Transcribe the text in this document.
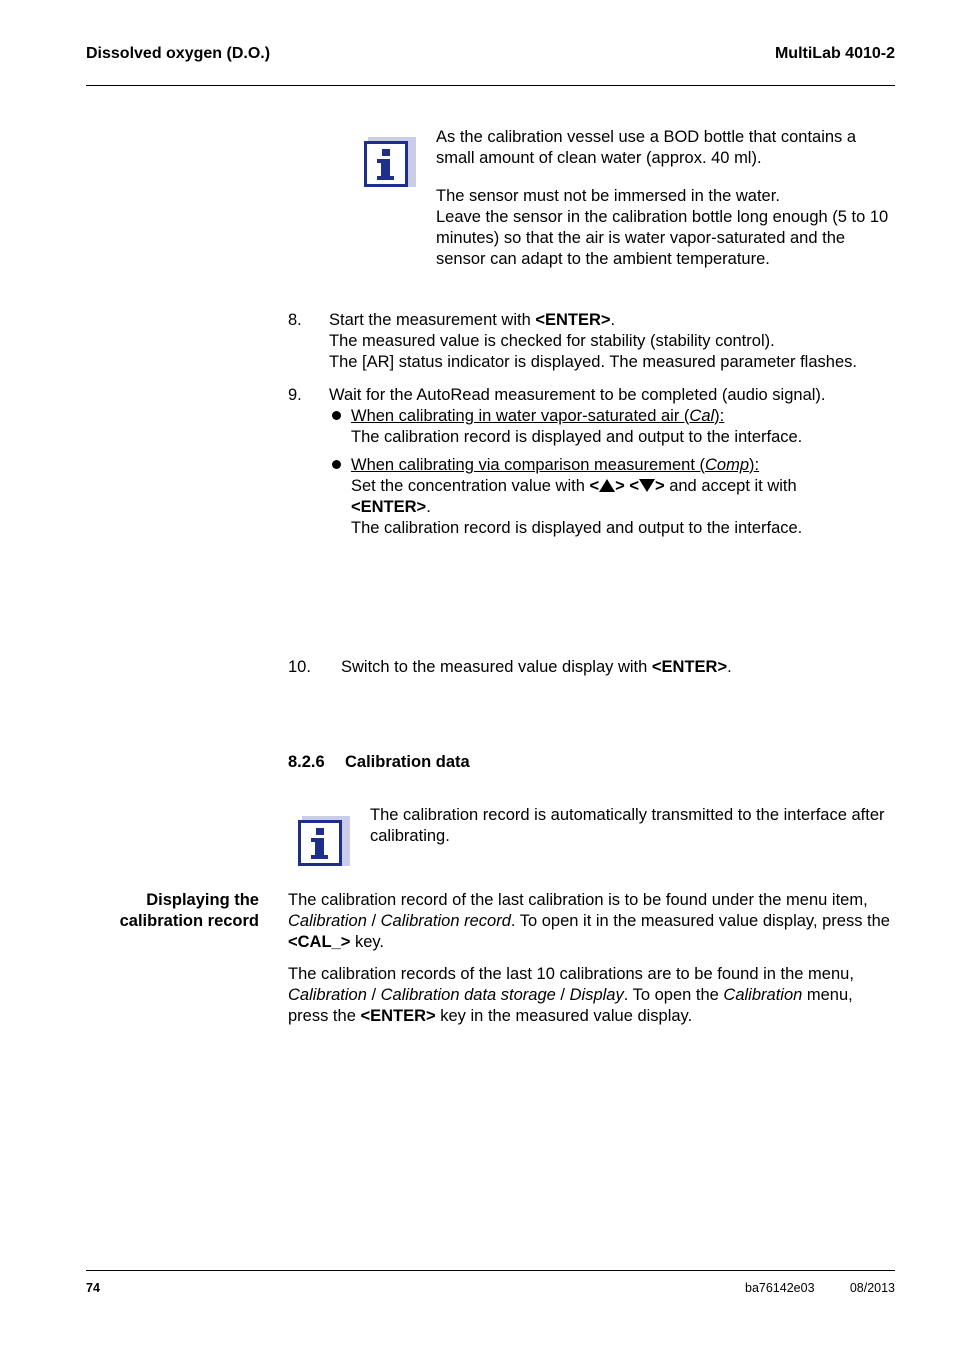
Dissolved oxygen (D.O.)	MultiLab 4010-2

As the calibration vessel use a BOD bottle that contains a small amount of clean water (approx. 40 ml).

The sensor must not be immersed in the water.

Leave the sensor in the calibration bottle long enough (5 to 10 minutes) so that the air is water vapor-saturated and the sensor can adapt to the ambient temperature.

8. Start the measurement with <ENTER>.

The measured value is checked for stability (stability control).

The [AR] status indicator is displayed. The measured parameter flashes.

9. Wait for the AutoRead measurement to be completed (audio signal).

When calibrating in water vapor-saturated air (Cal):

The calibration record is displayed and output to the interface.

When calibrating via comparison measurement (Comp):

Set the concentration value with < > < > and accept it with

<ENTER>.

The calibration record is displayed and output to the interface.

10. Switch to the measured value display with <ENTER>.
8.2.6 Calibration data
The calibration record is automatically transmitted to the interface after calibrating.

Displaying the

calibration record

The calibration record of the last calibration is to be found under the menu item, Calibration / Calibration record. To open it in the measured value display, press the <CAL_> key.
The calibration records of the last 10 calibrations are to be found in the menu, Calibration / Calibration data storage / Display. To open the Calibration menu, press the <ENTER> key in the measured value display.
74	ba76142e03	08/2013
